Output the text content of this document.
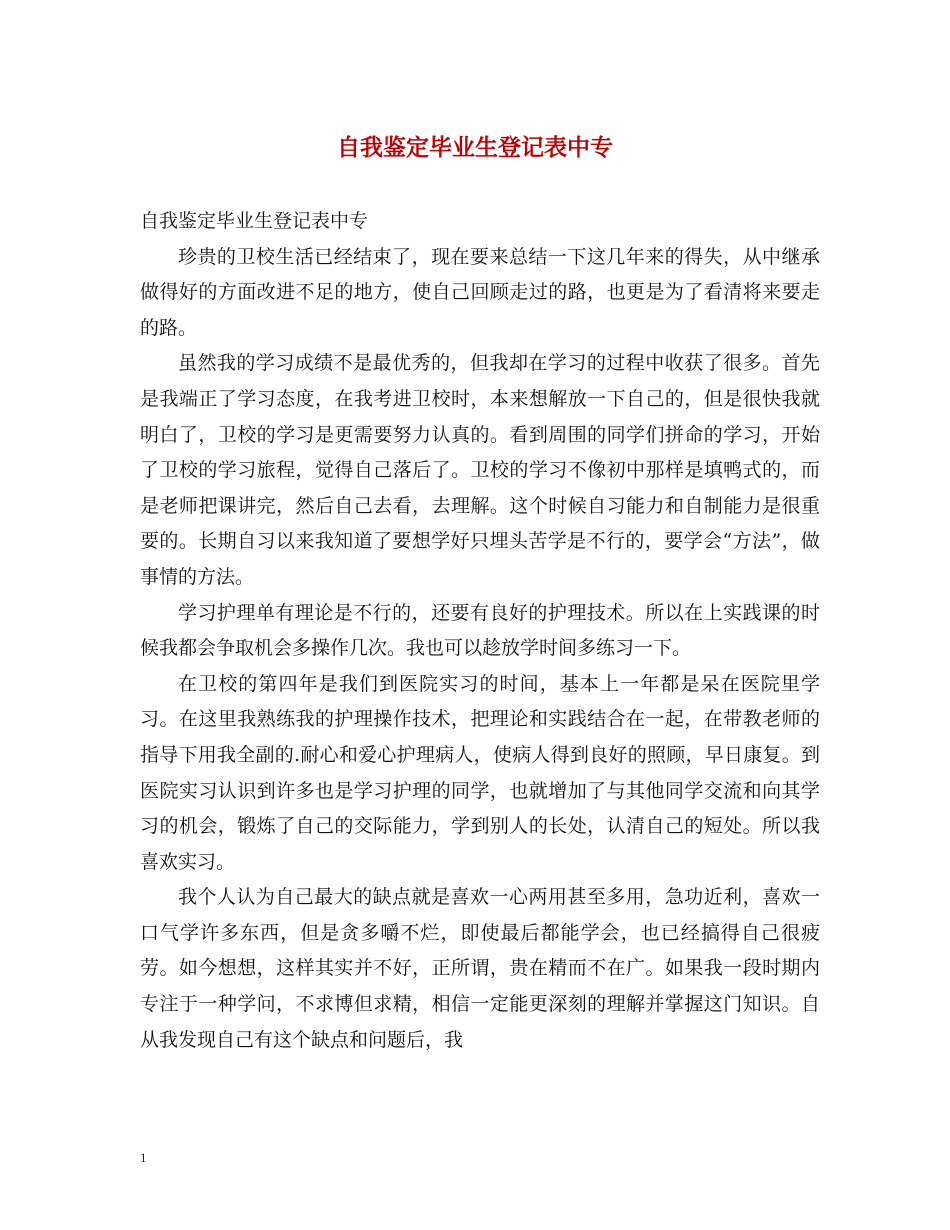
自我鉴定毕业生登记表中专

自我鉴定毕业生登记表中专

珍贵的卫校生活已经结束了，现在要来总结一下这几年来的得失，从中继承做得好的方面改进不足的地方，使自己回顾走过的路，也更是为了看清将来要走的路。

虽然我的学习成绩不是最优秀的，但我却在学习的过程中收获了很多。首先是我端正了学习态度，在我考进卫校时，本来想解放一下自己的，但是很快我就明白了，卫校的学习是更需要努力认真的。看到周围的同学们拼命的学习，开始了卫校的学习旅程，觉得自己落后了。卫校的学习不像初中那样是填鸭式的，而是老师把课讲完，然后自己去看，去理解。这个时候自习能力和自制能力是很重要的。长期自习以来我知道了要想学好只埋头苦学是不行的，要学会“方法”，做事情的方法。

学习护理单有理论是不行的，还要有良好的护理技术。所以在上实践课的时候我都会争取机会多操作几次。我也可以趁放学时间多练习一下。

在卫校的第四年是我们到医院实习的时间，基本上一年都是呆在医院里学习。在这里我熟练我的护理操作技术，把理论和实践结合在一起，在带教老师的指导下用我全副的.耐心和爱心护理病人，使病人得到良好的照顾，早日康复。到医院实习认识到许多也是学习护理的同学，也就增加了与其他同学交流和向其学习的机会，锻炼了自己的交际能力，学到别人的长处，认清自己的短处。所以我喜欢实习。

我个人认为自己最大的缺点就是喜欢一心两用甚至多用，急功近利，喜欢一口气学许多东西，但是贪多嚼不烂，即使最后都能学会，也已经搞得自己很疲劳。如今想想，这样其实并不好，正所谓，贵在精而不在广。如果我一段时期内专注于一种学问，不求博但求精，相信一定能更深刻的理解并掌握这门知识。自从我发现自己有这个缺点和问题后，我

1
